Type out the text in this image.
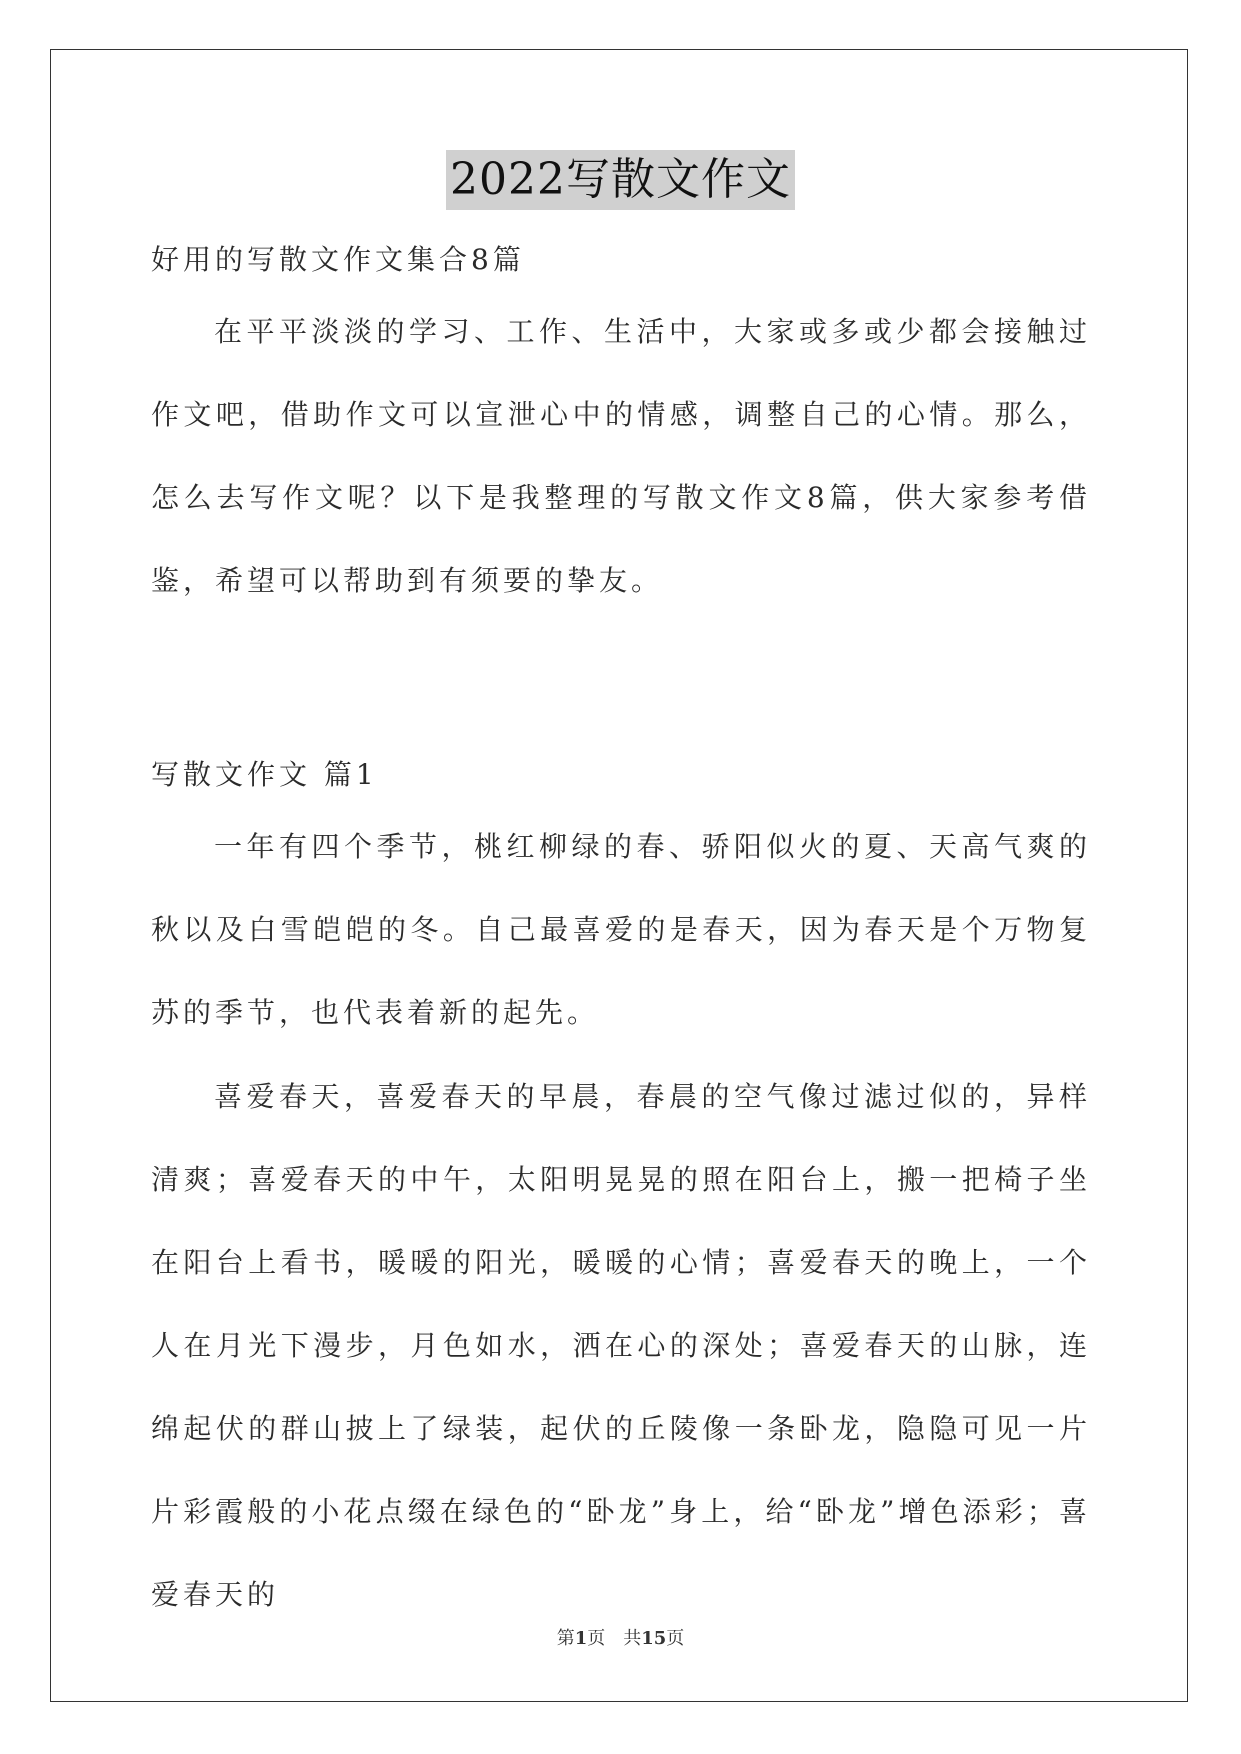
2022写散文作文

好用的写散文作文集合8篇

在平平淡淡的学习、工作、生活中，大家或多或少都会接触过作文吧，借助作文可以宣泄心中的情感，调整自己的心情。那么，怎么去写作文呢？以下是我整理的写散文作文8篇，供大家参考借鉴，希望可以帮助到有须要的挚友。

写散文作文 篇1

一年有四个季节，桃红柳绿的春、骄阳似火的夏、天高气爽的秋以及白雪皑皑的冬。自己最喜爱的是春天，因为春天是个万物复苏的季节，也代表着新的起先。

喜爱春天，喜爱春天的早晨，春晨的空气像过滤过似的，异样清爽；喜爱春天的中午，太阳明晃晃的照在阳台上，搬一把椅子坐在阳台上看书，暖暖的阳光，暖暖的心情；喜爱春天的晚上，一个人在月光下漫步，月色如水，洒在心的深处；喜爱春天的山脉，连绵起伏的群山披上了绿装，起伏的丘陵像一条卧龙，隐隐可见一片片彩霞般的小花点缀在绿色的“卧龙”身上，给“卧龙”增色添彩；喜爱春天的

第1页　共15页
